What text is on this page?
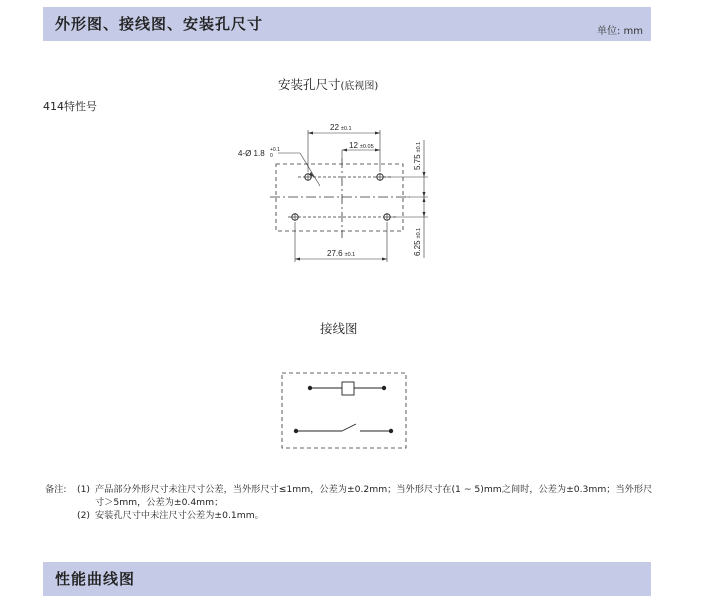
外形图、接线图、安装孔尺寸	单位: mm
安装孔尺寸(底视图)
414特性号
22 ±0.1
12 ±0.05
27.6 ±0.1
4-Ø 1.8 +0.1
0	5.75±0.1
6.25±0.1
接线图
备注:	(1) 产品部分外形尺寸未注尺寸公差，当外形尺寸≤1mm，公差为±0.2mm；当外形尺寸在(1 ~ 5)mm之间时，公差为±0.3mm；当外形尺
寸＞5mm，公差为±0.4mm；
(2) 安装孔尺寸中未注尺寸公差为±0.1mm。
性能曲线图
